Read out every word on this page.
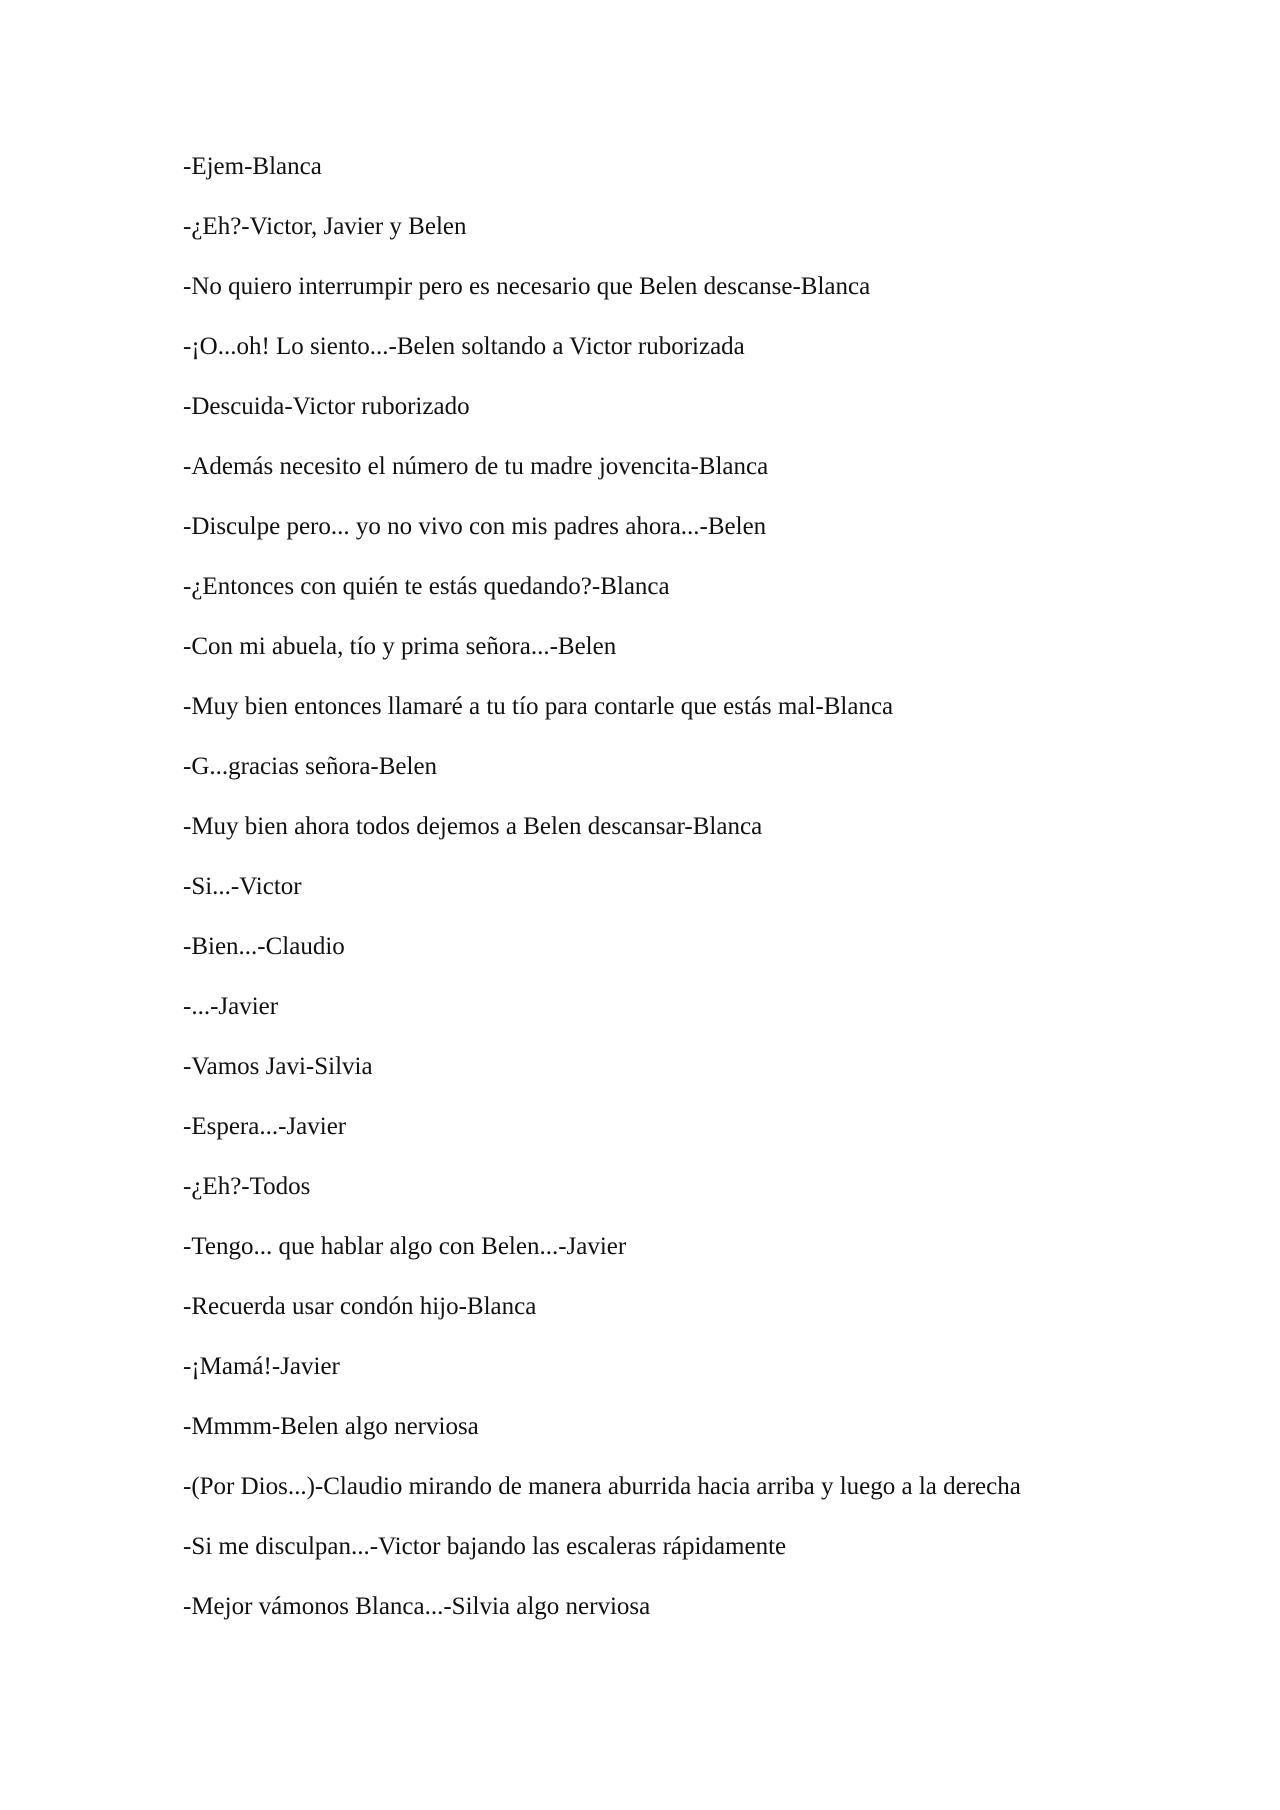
-Ejem-Blanca

-¿Eh?-Victor, Javier y Belen

-No quiero interrumpir pero es necesario que Belen descanse-Blanca

-¡O...oh! Lo siento...-Belen soltando a Victor ruborizada

-Descuida-Victor ruborizado

-Además necesito el número de tu madre jovencita-Blanca

-Disculpe pero... yo no vivo con mis padres ahora...-Belen

-¿Entonces con quién te estás quedando?-Blanca

-Con mi abuela, tío y prima señora...-Belen

-Muy bien entonces llamaré a tu tío para contarle que estás mal-Blanca

-G...gracias señora-Belen

-Muy bien ahora todos dejemos a Belen descansar-Blanca

-Si...-Victor

-Bien...-Claudio

-...-Javier

-Vamos Javi-Silvia

-Espera...-Javier

-¿Eh?-Todos

-Tengo... que hablar algo con Belen...-Javier

-Recuerda usar condón hijo-Blanca

-¡Mamá!-Javier

-Mmmm-Belen algo nerviosa

-(Por Dios...)-Claudio mirando de manera aburrida hacia arriba y luego a la derecha

-Si me disculpan...-Victor bajando las escaleras rápidamente

-Mejor vámonos Blanca...-Silvia algo nerviosa
